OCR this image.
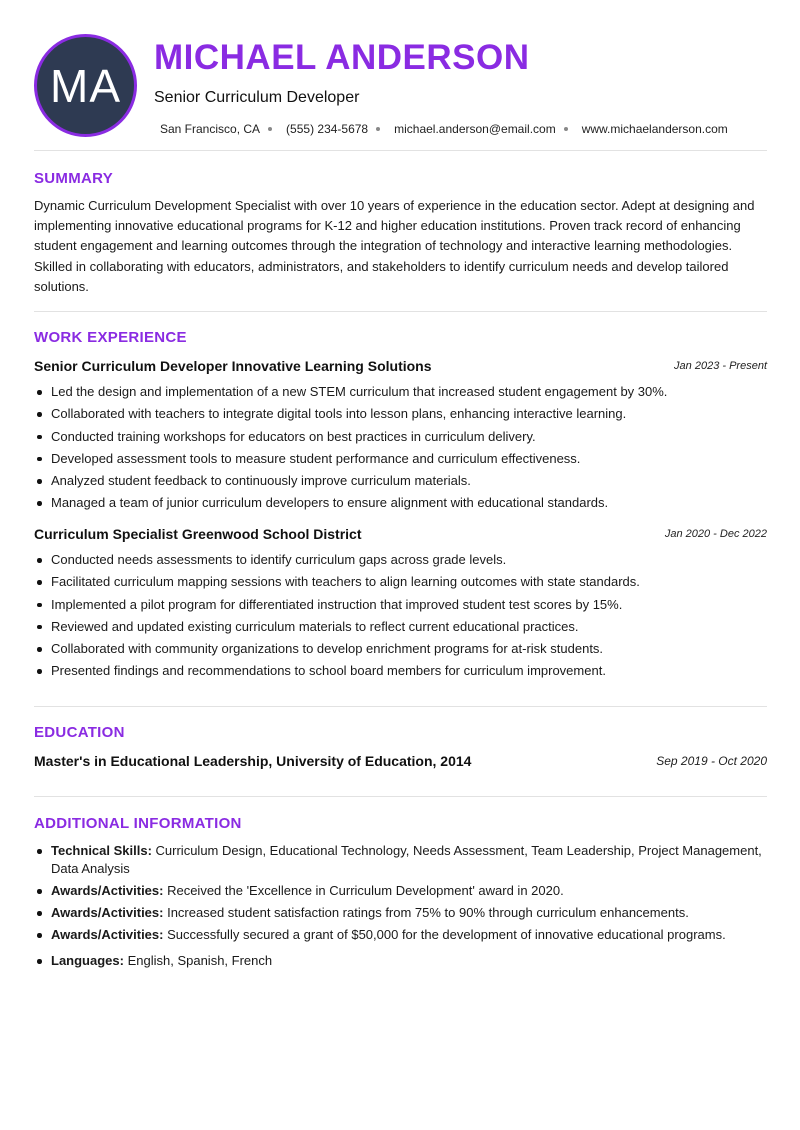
MA
MICHAEL ANDERSON
Senior Curriculum Developer
San Francisco, CA (555) 234-5678 michael.anderson@email.com www.michaelanderson.com
SUMMARY
Dynamic Curriculum Development Specialist with over 10 years of experience in the education sector. Adept at designing and implementing innovative educational programs for K-12 and higher education institutions. Proven track record of enhancing student engagement and learning outcomes through the integration of technology and interactive learning methodologies. Skilled in collaborating with educators, administrators, and stakeholders to identify curriculum needs and develop tailored solutions.
WORK EXPERIENCE
Senior Curriculum Developer Innovative Learning Solutions	Jan 2023 - Present
Led the design and implementation of a new STEM curriculum that increased student engagement by 30%.
Collaborated with teachers to integrate digital tools into lesson plans, enhancing interactive learning.
Conducted training workshops for educators on best practices in curriculum delivery.
Developed assessment tools to measure student performance and curriculum effectiveness.
Analyzed student feedback to continuously improve curriculum materials.
Managed a team of junior curriculum developers to ensure alignment with educational standards.
Curriculum Specialist Greenwood School District	Jan 2020 - Dec 2022
Conducted needs assessments to identify curriculum gaps across grade levels.
Facilitated curriculum mapping sessions with teachers to align learning outcomes with state standards.
Implemented a pilot program for differentiated instruction that improved student test scores by 15%.
Reviewed and updated existing curriculum materials to reflect current educational practices.
Collaborated with community organizations to develop enrichment programs for at-risk students.
Presented findings and recommendations to school board members for curriculum improvement.
EDUCATION
Master's in Educational Leadership, University of Education, 2014	Sep 2019 - Oct 2020
ADDITIONAL INFORMATION
Technical Skills: Curriculum Design, Educational Technology, Needs Assessment, Team Leadership, Project Management, Data Analysis
Awards/Activities: Received the 'Excellence in Curriculum Development' award in 2020.
Awards/Activities: Increased student satisfaction ratings from 75% to 90% through curriculum enhancements.
Awards/Activities: Successfully secured a grant of $50,000 for the development of innovative educational programs.
Languages: English, Spanish, French
